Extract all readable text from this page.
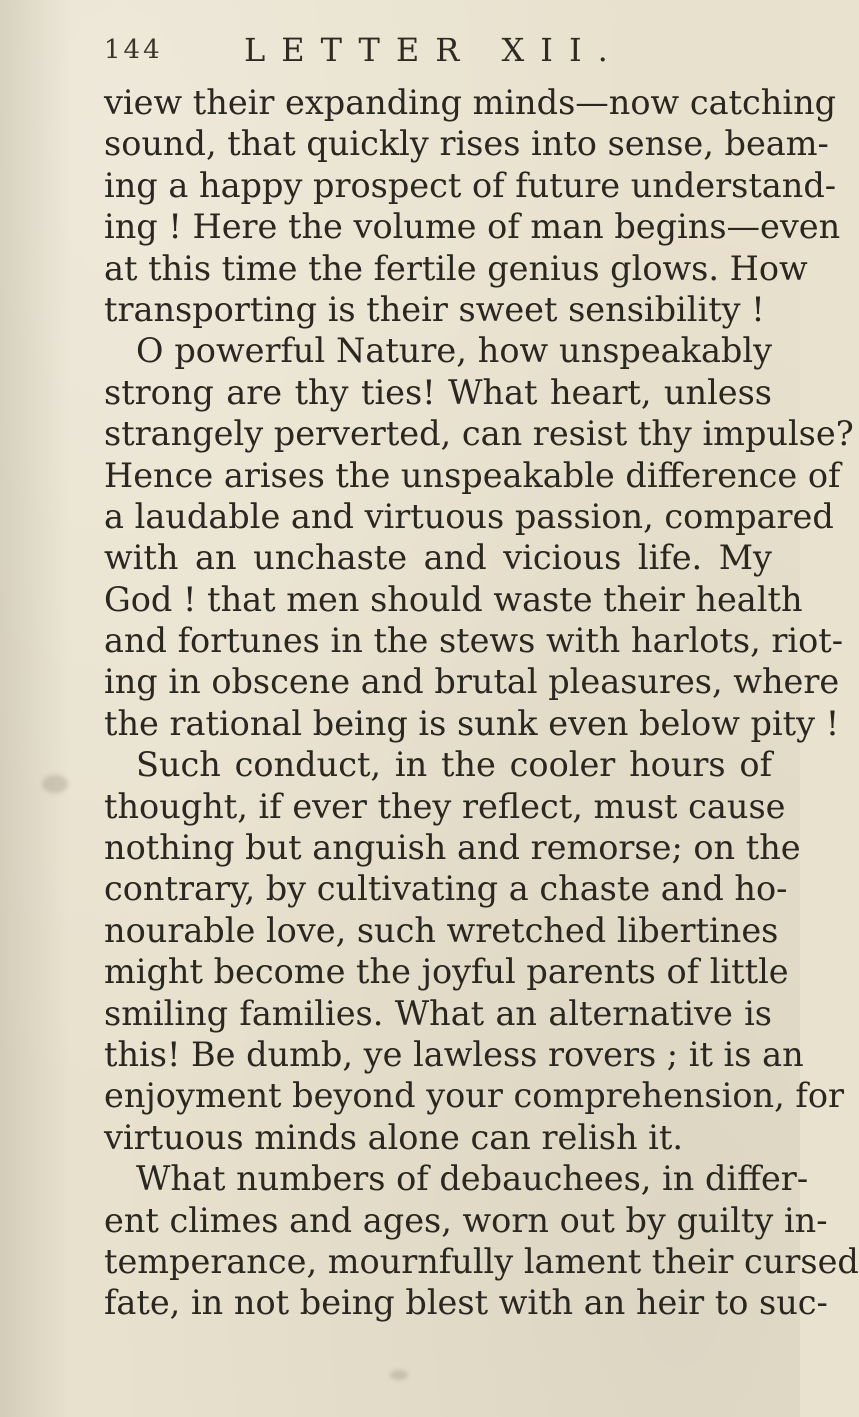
144	LETTER XII.
view their expanding minds—now catching
sound, that quickly rises into sense, beam-
ing a happy prospect of future understand-
ing ! Here the volume of man begins—even
at this time the fertile genius glows. How
transporting is their sweet sensibility !
O powerful Nature, how unspeakably
strong are thy ties! What heart, unless
strangely perverted, can resist thy impulse?
Hence arises the unspeakable difference of
a laudable and virtuous passion, compared
with an unchaste and vicious life. My
God ! that men should waste their health
and fortunes in the stews with harlots, riot-
ing in obscene and brutal pleasures, where
the rational being is sunk even below pity !
Such conduct, in the cooler hours of
thought, if ever they reflect, must cause
nothing but anguish and remorse; on the
contrary, by cultivating a chaste and ho-
nourable love, such wretched libertines
might become the joyful parents of little
smiling families. What an alternative is
this! Be dumb, ye lawless rovers ; it is an
enjoyment beyond your comprehension, for
virtuous minds alone can relish it.
What numbers of debauchees, in differ-
ent climes and ages, worn out by guilty in-
temperance, mournfully lament their cursed
fate, in not being blest with an heir to suc-
